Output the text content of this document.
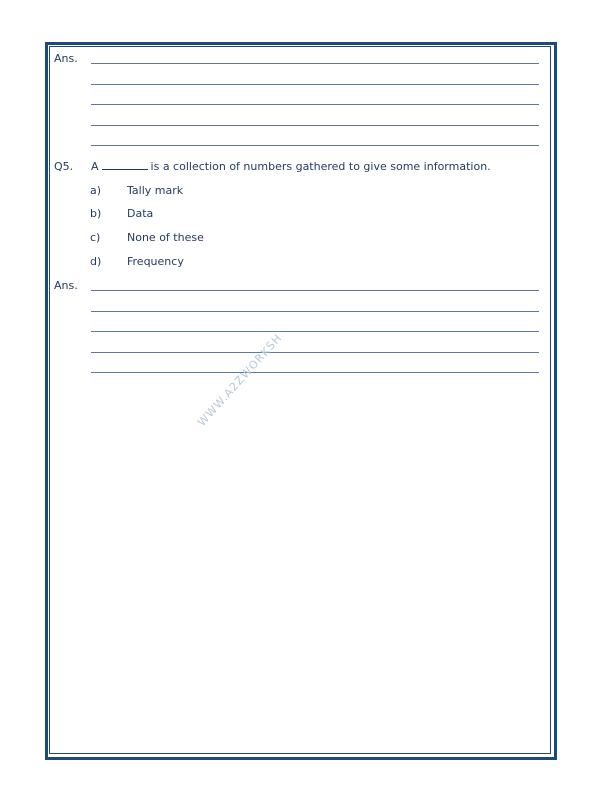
Ans.
Q5. A	is a collection of numbers gathered to give some information.
a) Tally mark
b) Data
c) None of these
d) Frequency
Ans.
WWW.A2ZWORKSH
